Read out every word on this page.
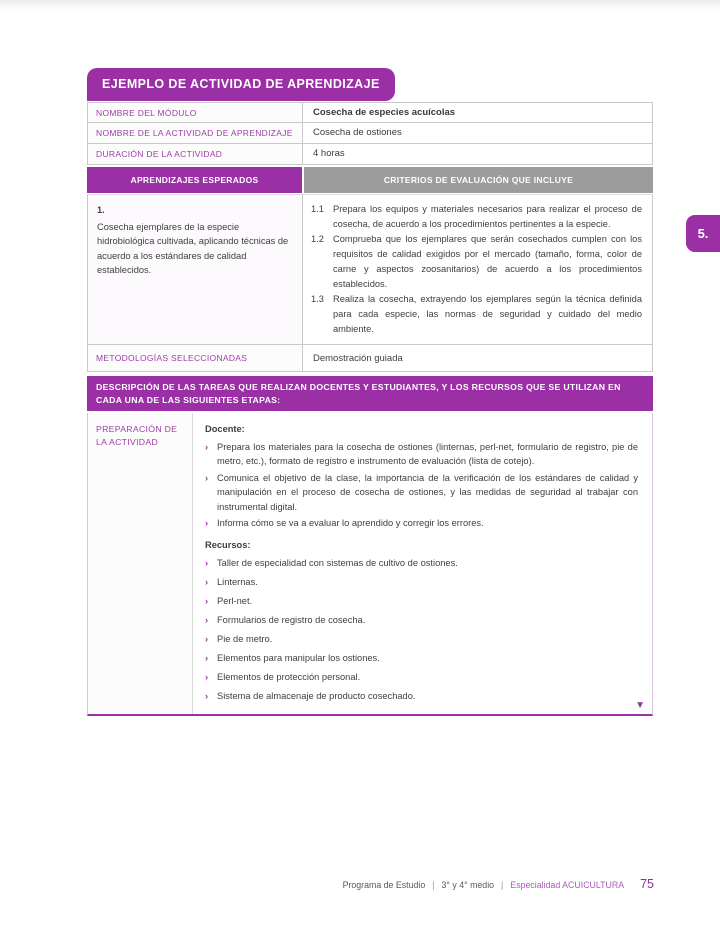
EJEMPLO DE ACTIVIDAD DE APRENDIZAJE
NOMBRE DEL MÓDULO	Cosecha de especies acuícolas
NOMBRE DE LA ACTIVIDAD DE APRENDIZAJE	Cosecha de ostiones
DURACIÓN DE LA ACTIVIDAD	4 horas
APRENDIZAJES ESPERADOS	CRITERIOS DE EVALUACIÓN QUE INCLUYE
1.
Cosecha ejemplares de la especie hidrobiológica cultivada, aplicando técnicas de acuerdo a los estándares de calidad establecidos.
1.1 Prepara los equipos y materiales necesarios para realizar el proceso de cosecha, de acuerdo a los procedimientos pertinentes a la especie.
1.2 Comprueba que los ejemplares que serán cosechados cumplen con los requisitos de calidad exigidos por el mercado (tamaño, forma, color de carne y aspectos zoosanitarios) de acuerdo a los procedimientos establecidos.
1.3 Realiza la cosecha, extrayendo los ejemplares según la técnica definida para cada especie, las normas de seguridad y cuidado del medio ambiente.
METODOLOGÍAS SELECCIONADAS	Demostración guiada
DESCRIPCIÓN DE LAS TAREAS QUE REALIZAN DOCENTES Y ESTUDIANTES, Y LOS RECURSOS QUE SE UTILIZAN EN CADA UNA DE LAS SIGUIENTES ETAPAS:
PREPARACIÓN DE LA ACTIVIDAD
Docente:
› Prepara los materiales para la cosecha de ostiones (linternas, perl-net, formulario de registro, pie de metro, etc.), formato de registro e instrumento de evaluación (lista de cotejo).
› Comunica el objetivo de la clase, la importancia de la verificación de los estándares de calidad y manipulación en el proceso de cosecha de ostiones, y las medidas de seguridad al trabajar con instrumental digital.
› Informa cómo se va a evaluar lo aprendido y corregir los errores.
Recursos:
› Taller de especialidad con sistemas de cultivo de ostiones.
› Linternas.
› Perl-net.
› Formularios de registro de cosecha.
› Pie de metro.
› Elementos para manipular los ostiones.
› Elementos de protección personal.
› Sistema de almacenaje de producto cosechado.
▼
5.
Programa de Estudio | 3° y 4° medio | Especialidad ACUICULTURA 75
